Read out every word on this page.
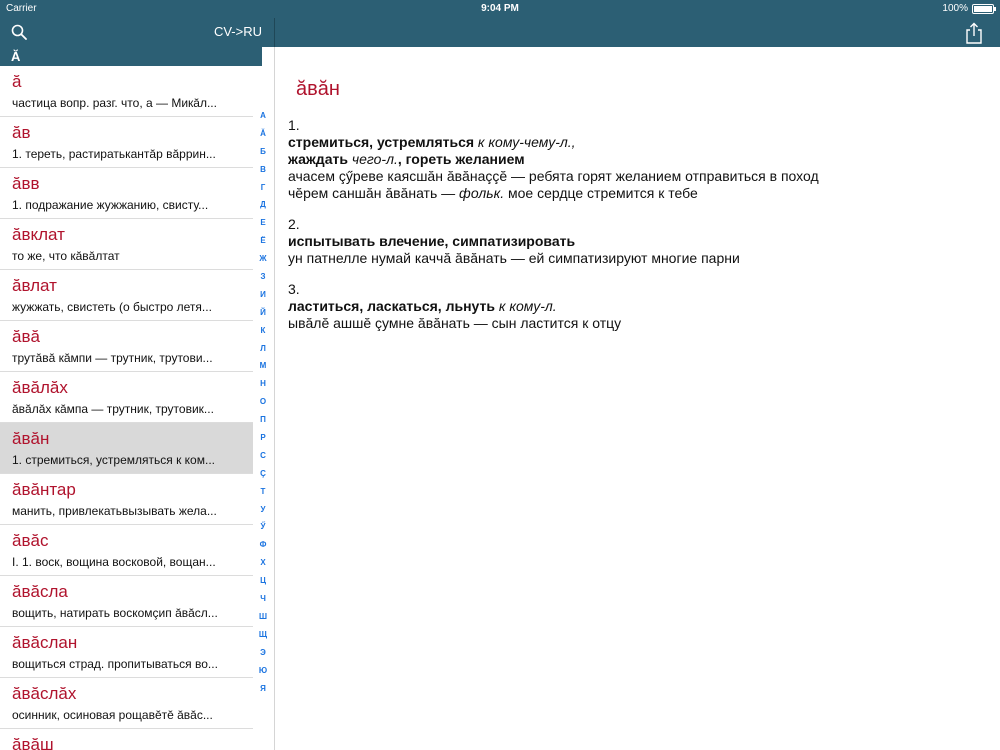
Carrier	9:04 PM	100%
CV->RU
Ă
ă
частица вопр. разг. что, а — Микăл...
ăв
1. тереть, растиратькантăр вăррин...
ăвв
1. подражание жужжанию, свисту...
ăвклат
то же, что кăвăлтат
ăвлат
жужжать, свистеть (о быстро летя...
ăвă
трутăвă кăмпи — трутник, трутови...
ăвăлăх
ăвăлăх кăмпа — трутник, трутовик...
ăвăн
1. стремиться, устремляться к ком...
ăвăнтар
манить, привлекатьвызывать жела...
ăвăс
I. 1. воск, вощина восковой, вощан...
ăвăсла
вощить, натирать воскомçип ăвăсл...
ăвăслан
вощиться страд. пропитываться во...
ăвăслăх
осинник, осиновая рощавĕтĕ ăвăс...
ăвăш
А
Ă
Б
В
Г
Д
Е
Ё
Ж
З
И
Й
К
Л
М
Н
О
П
Р
С
Ç
Т
У
Ӳ
Ф
Х
Ц
Ч
Ш
Щ
Э
Ю
Я
ăвăн
1.
стремиться, устремляться к кому-чему-л.,
жаждать чего-л., гореть желанием
ачасем çӳреве каясшăн ăвăнаççĕ — ребята горят желанием отправиться в поход
чĕрем саншăн ăвăнать — фольк. мое сердце стремится к тебе
2.
испытывать влечение, симпатизировать
ун патнелле нумай каччă ăвăнать — ей симпатизируют многие парни
3.
ластиться, ласкаться, льнуть к кому-л.
ывăлĕ ашшĕ çумне ăвăнать — сын ластится к отцу
